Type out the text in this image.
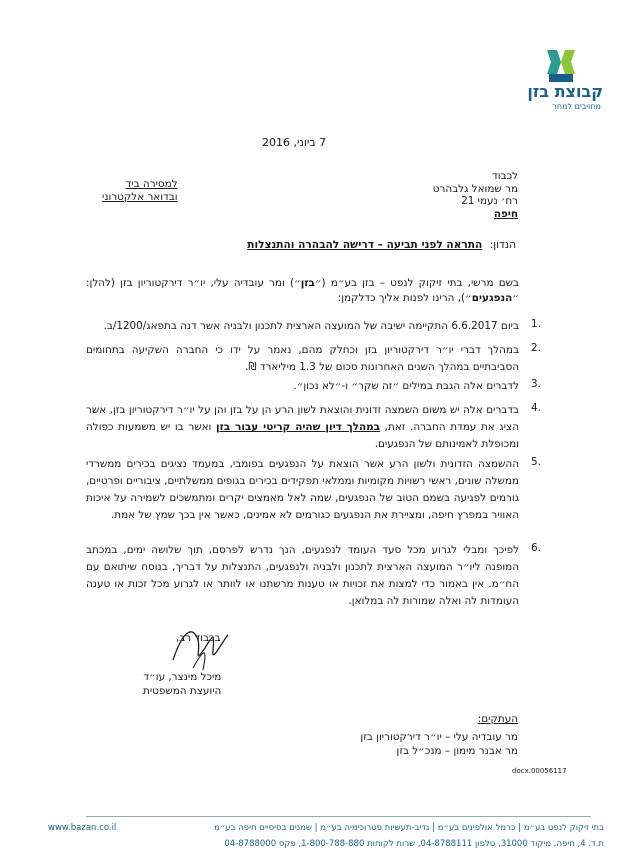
קבוצת בזן
מחויבים למחר
7 ביוני, 2016
לכבוד
מר שמואל גלבהרט
רח׳ נעמי 21
חיפה
למסירה ביד
ובדואר אלקטרוני
הנדון: התראה לפני תביעה – דרישה להבהרה והתנצלות
בשם מרשי, בתי זיקוק לנפט – בזן בע״מ (״בזן״) ומר עובדיה עלי, יו״ר דירקטוריון בזן (להלן: ״הנפגעים״), הרינו לפנות אליך כדלקמן:
1.
ביום 6.6.2017 התקיימה ישיבה של המועצה הארצית לתכנון ולבניה אשר דנה בתפאג/1200/ב.
2.
במהלך דברי יו״ר דירקטוריון בזן וכחלק מהם, נאמר על ידו כי החברה השקיעה בתחומים הסביבתיים במהלך השנים האחרונות סכום של 1.3 מיליארד ₪.
3.
לדברים אלה הגבת במילים ״זה שקר״ ו-״לא נכון״.
4.
בדברים אלה יש משום השמצה זדונית והוצאת לשון הרע הן על בזן והן על יו״ר דירקטוריון בזן, אשר הציג את עמדת החברה. זאת, במהלך דיון שהיה קריטי עבור בזן ואשר בו יש משמעות כפולה ומכופלת לאמינותם של הנפגעים.
5.
ההשמצה הזדונית ולשון הרע אשר הוצאת על הנפגעים בפומבי, במעמד נציגים בכירים ממשרדי ממשלה שונים, ראשי רשויות מקומיות וממלאי תפקידים בכירים בגופים ממשלתיים, ציבוריים ופרטיים, גורמים לפגיעה בשמם הטוב של הנפגעים, שמה לאל מאמצים יקרים ומתמשכים לשמירה על איכות האוויר במפרץ חיפה, ומציירת את הנפגעים כגורמים לא אמינים, כאשר אין בכך שמץ של אמת.
6.
לפיכך ומבלי לגרוע מכל סעד העומד לנפגעים, הנך נדרש לפרסם, תוך שלושה ימים, במכתב המופנה ליו״ר המועצה הארצית לתכנון ולבניה ולנפגעים, התנצלות על דבריך, בנוסח שיתואם עם הח״מ. אין באמור כדי למצות את זכויות או טענות מרשתנו או לוותר או לגרוע מכל זכות או טענה העומדות לה ואלה שמורות לה במלואן.
בכבוד רב,
מיכל מינצר, עו״ד
היועצת המשפטית
העתקים:
מר עובדיה עלי – יו״ר דירקטוריון בזן
מר אבנר מימון – מנכ״ל בזן
docx.00056117
www.bazan.co.il	בתי זיקוק לנפט בע״מ | כרמל אולפינים בע״מ | גדיב-תעשיות פטרוכימיה בע״מ | שמנים בסיסיים חיפה בע״מ
ת.ד. 4, חיפה, מיקוד 31000, טלפון 04-8788111, שרות לקוחות 1-800-788-880, פקס 04-8788000
